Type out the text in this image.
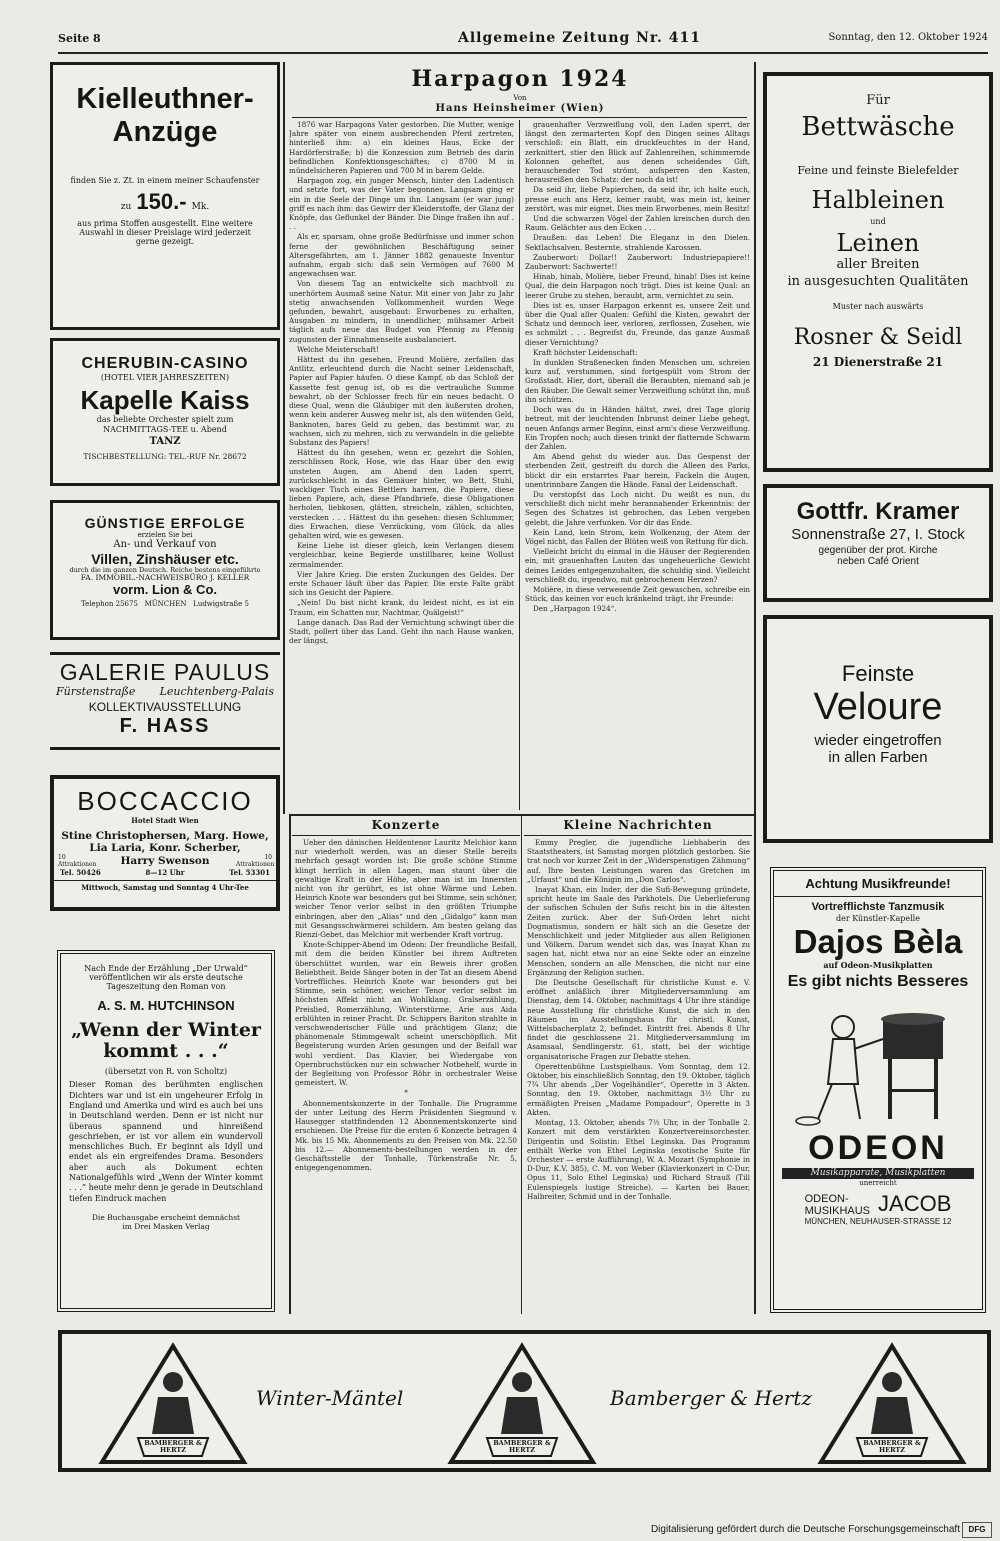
Seite 8	Allgemeine Zeitung Nr. 411	Sonntag, den 12. Oktober 1924
Kielleuthner-
Anzüge
finden Sie z. Zt. in einem meiner Schaufenster
zu 150.- Mk.
aus prima Stoffen ausgestellt. Eine weitere
Auswahl in dieser Preislage wird jederzeit
gerne gezeigt.
CHERUBIN-CASINO
(HOTEL VIER JAHRESZEITEN)
Kapelle Kaiss
das beliebte Orchester spielt zum
NACHMITTAGS-TEE u. Abend
TANZ
TISCHBESTELLUNG: TEL.-RUF Nr. 28672
GÜNSTIGE ERFOLGE
erzielen Sie bei
An- und Verkauf von
Villen, Zinshäuser etc.
durch die im ganzen Deutsch. Reiche bestens eingeführte
FA. IMMOBIL.-NACHWEISBÜRO J. KELLER
vorm. Lion & Co.
Telephon 25675 MÜNCHEN Ludwigstraße 5
GALERIE PAULUS
Fürstenstraße Leuchtenberg-Palais
KOLLEKTIVAUSSTELLUNG
F. HASS
BOCCACCIO
Hotel Stadt Wien
Stine Christophersen, Marg. Howe,
Lia Laria, Konr. Scherber,
10 Attraktionen Harry Swenson	10 Attraktionen
Tel. 50426	8—12 Uhr	Tel. 53301
Mittwoch, Samstag und Sonntag 4 Uhr-Tee
Nach Ende der Erzählung „Der Urwald“
veröffentlichen wir als erste deutsche
Tageszeitung den Roman von
A. S. M. HUTCHINSON
„Wenn der Winter
kommt . . .“
(übersetzt von R. von Scholtz)
Dieser Roman des berühmten englischen Dichters war und ist ein ungeheurer Erfolg in England und Amerika und wird es auch bei uns in Deutschland werden. Denn er ist nicht nur überaus spannend und hinreißend geschrieben, er ist vor allem ein wundervoll menschliches Buch. Er beginnt als Idyll und endet als ein ergreifendes Drama. Besonders aber auch als Dokument echten Nationalgefühls wird „Wenn der Winter kommt . . .“ heute mehr denn je gerade in Deutschland tiefen Eindruck machen
Die Buchausgabe erscheint demnächst
im Drei Masken Verlag
Harpagon 1924
Von
Hans Heinsheimer (Wien)

1876 war Harpagons Vater gestorben. Die Mutter, wenige Jahre später von einem ausbrechenden Pferd zertreten, hinterließ ihm: a) ein kleines Haus, Ecke der Hardörferstraße; b) die Konzession zum Betrieb des darin befindlichen Konfektionsgeschäftes; c) 8700 M in mündelsicheren Papieren und 700 M in barem Gelde.

Harpagon zog, ein junger Mensch, hinter den Ladentisch und setzte fort, was der Vater begonnen. Langsam ging er ein in die Seele der Dinge um ihn. Langsam (er war jung) griff es nach ihm: das Gewirr der Kleiderstoffe, der Glanz der Knöpfe, das Geflunkel der Bänder. Die Dinge fraßen ihn auf . . .

Als er, sparsam, ohne große Bedürfnisse und immer schon ferne der gewöhnlichen Beschäftigung seiner Altersgefährten, am 1. Jänner 1882 genaueste Inventur aufnahm, ergab sich: daß sein Vermögen auf 7600 M angewachsen war.

Von diesem Tag an entwickelte sich machtvoll zu unerhörtem Ausmaß seine Natur. Mit einer von Jahr zu Jahr stetig anwachsenden Vollkommenheit wurden Wege gefunden, bewahrt, ausgebaut: Erworbenes zu erhalten, Ausgaben zu mindern, in unendlicher, mühsamer Arbeit täglich aufs neue das Budget von Pfennig zu Pfennig zugunsten der Einnahmenseite ausbalanciert.

Welche Meisterschaft!

Hättest du ihn gesehen, Freund Molière, zerfallen das Antlitz, erleuchtend durch die Nacht seiner Leidenschaft, Papier auf Papier häufen. O diese Kampf, ob das Schloß der Kassette fest genug ist, ob es die vertrauliche Summe bewahrt, ob der Schlosser frech für ein neues bedacht. O diese Qual, wenn die Gläubiger mit den äußersten drohen, wenn kein anderer Ausweg mehr ist, als den wütenden Geld, Banknoten, bares Geld zu geben, das bestimmt war, zu wachsen, sich zu mehren, sich zu verwandeln in die geliebte Substanz des Papiers!

Hättest du ihn gesehen, wenn er, gezehrt die Sohlen, zerschlissen Rock, Hose, wie das Haar über den ewig unsteten Augen, am Abend den Laden sperrt, zurückschleicht in das Gemäuer hinter, wo Bett, Stuhl, wackliger Tisch eines Bettlers harren, die Papiere, diese lieben Papiere, ach, diese Pfandbriefe, diese Obligationen herholen, liebkosen, glätten, streicheln, zählen, schichten, verstecken . . . Hättest du ihn gesehen: diesen Schlummer, dies Erwachen, diese Verzückung, vom Glück, da alles gehalten wird, wie es gewesen.

Keine Liebe ist dieser gleich, kein Verlangen diesem vergleichbar, keine Begierde unstillbarer, keine Wollust zermalmender.

Vier Jahre Krieg. Die ersten Zuckungen des Geldes. Der erste Schauer läuft über das Papier. Die erste Falte gräbt sich ins Gesicht der Papiere.

„Nein! Du bist nicht krank, du leidest nicht, es ist ein Traum, ein Schatten nur, Nachtmar, Quälgeist!“

Lange danach. Das Rad der Vernichtung schwingt über die Stadt, pollert über das Land. Geht ihn nach Hause wanken, der längst,

grauenhafter Verzweiflung voll, den Laden sperrt, der längst den zermarterten Kopf den Dingen seines Alltags verschloß: ein Blatt, ein druckfeuchtes in der Hand, zerknittert, stier den Blick auf Zahlenreihen, schimmernde Kolonnen geheftet, aus denen scheidendes Gift, berauschender Tod strömt, aufsperren den Kasten, herausreißen den Schatz: der noch da ist!

Da seid ihr, liebe Papierchen, da seid ihr, ich halte euch, presse euch ans Herz, keiner raubt, was mein ist, keiner zerstört, was mir eignet. Dies mein Erworbenes, mein Besitz!

Und die schwarzen Vögel der Zahlen kreischen durch den Raum. Gelächter aus den Ecken . . .

Draußen: das Leben! Die Eleganz in den Dielen. Sektlachsalven. Besternte, strahlende Karossen.

Zauberwort: Dollar!! Zauberwort: Industriepapiere!! Zauberwort: Sachwerte!!

Hinab, hinab, Molière, lieber Freund, hinab! Dies ist keine Qual, die dein Harpagon noch trägt. Dies ist keine Qual: an leerer Grube zu stehen, beraubt, arm, vernichtet zu sein.

Dies ist es, unser Harpagon erkennt es, unsere Zeit und über die Qual aller Qualen: Gefühl die Kisten, gewahrt der Schatz und dennoch leer, verloren, zerflossen, Zusehen, wie es schmilzt . . . Begreifst du, Freunde, das ganze Ausmaß dieser Vernichtung?

Kraft höchster Leidenschaft:

In dunklen Straßenecken finden Menschen um, schreien kurz auf, verstummen, sind fortgespült vom Strom der Großstadt. Hier, dort, überall die Beraubten, niemand sah je den Räuber. Die Gewalt seiner Verzweiflung schützt ihn, muß ihn schützen.

Doch was du in Händen hältst, zwei, drei Tage glorig betreut, mit der leuchtenden Inbrunst deiner Liebe gehegt, neuen Anfangs armer Beginn, einst arm's diese Verzweiflung. Ein Tropfen noch; auch diesen trinkt der flatternde Schwarm der Zahlen.

Am Abend gehst du wieder aus. Das Gespenst der sterbenden Zeit, gestreift du durch die Alleen des Parks, blickt dir ein erstarrtes Paar herein, Fackeln die Augen, unentrinnbare Zangen die Hände. Fanal der Leidenschaft.

Du verstopfst das Loch nicht. Du weißt es nun, du verschließt dich nicht mehr herannahender Erkenntnis: der Segen des Schatzes ist gebrochen, das Leben vergeben gelebt, die Jahre verfunken. Vor dir das Ende.

Kein Land, kein Strom, kein Wolkenzug, der Atem der Vögel nicht, das Fallen der Blüten weiß von Rettung für dich.

Vielleicht bricht du einmal in die Häuser der Regierenden ein, mit grauenhaften Lauten das ungeheuerliche Gewicht deines Leides entgegenzuhalten, die schuldig sind. Vielleicht verschließt du, irgendwo, mit gebrochenem Herzen?

Molière, in diese verwesende Zeit gewaschen, schreibe ein Stück, das keinen vor euch kränkelnd trägt, ihr Freunde:

Den „Harpagon 1924“.

Für
Bettwäsche
Feine und feinste Bielefelder
Halbleinen
und
Leinen
aller Breiten
in ausgesuchten Qualitäten
Muster nach auswärts
Rosner & Seidl
21 Dienerstraße 21
Gottfr. Kramer
Sonnenstraße 27, I. Stock
gegenüber der prot. Kirche
neben Café Orient
Feinste
Veloure
wieder eingetroffen
in allen Farben
Konzerte

Ueber den dänischen Heldentenor Lauritz Melchior kann nur wiederholt werden, was an dieser Stelle bereits mehrfach gesagt worden ist: Die große schöne Stimme klingt herrlich in allen Lagen, man staunt über die gewaltige Kraft in der Höhe, aber man ist im Innersten nicht von ihr gerührt, es ist ohne Wärme und Leben. Heinrich Knote war besonders gut bei Stimme, sein schöner, weicher Tenor verlor selbst in den größten Triumphe einbringen, aber den „Alias“ und den „Gidalgo“ kann man mit Gesangsschwärmerei schildern. Am besten gelang das Rienzi-Gebet, das Melchior mit werbender Kraft vortrug.

Knote-Schipper-Abend im Odeon: Der freundliche Beifall, mit dem die beiden Künstler bei ihrem Auftreten überschüttet wurden, war ein Beweis ihrer großen Beliebtheit. Beide Sänger boten in der Tat an diesem Abend Vortreffliches. Heinrich Knote war besonders gut bei Stimme, sein schöner, weicher Tenor verlor selbst im höchsten Affekt nicht an Wohlklang. Gralserzählung, Preislied, Romerzählung, Winterstürme, Arie aus Aida erblühten in reiner Pracht. Dr. Schippers Bariton strahlte in verschwenderischer Fülle und prächtigem Glanz; die phänomenale Stimmgewalt scheint unerschöpflich. Mit Begeisterung wurden Arien gesungen und der Beifall war wohl verdient. Das Klavier, bei Wiedergabe von Opernbruchstücken nur ein schwacher Notbehelf, wurde in der Begleitung von Professor Röhr in orchestraler Weise gemeistert. W.

*

Abonnementskonzerte in der Tonhalle. Die Programme der unter Leitung des Herrn Präsidenten Siegmund v. Hausegger stattfindenden 12 Abonnementskonzerte sind erschienen. Die Preise für die ersten 6 Konzerte betragen 4 Mk. bis 15 Mk. Abonnements zu den Preisen von Mk. 22.50 bis 12.— Abonnements-bestellungen werden in der Geschäftsstelle der Tonhalle, Türkenstraße Nr. 5, entgegengenommen.

Kleine Nachrichten

Emmy Pregler, die jugendliche Liebhaberin des Staatstheaters, ist Samstag morgen plötzlich gestorben. Sie trat noch vor kurzer Zeit in der „Widerspenstigen Zähmung“ auf. Ihre besten Leistungen waren das Gretchen im „Urfaust“ und die Königin im „Don Carlos“.

Inayat Khan, ein Inder, der die Sufi-Bewegung gründete, spricht heute im Saale des Parkhotels. Die Ueberlieferung der sufischen Schulen der Sufis reicht bis in die ältesten Zeiten zurück. Aber der Sufi-Orden lehrt nicht Dogmatismus, sondern er hält sich an die Gesetze der Menschlichkeit und jeder Mitglieder aus allen Religionen und Völkern. Darum wendet sich das, was Inayat Khan zu sagen hat, nicht etwa nur an eine Sekte oder an einzelne Menschen, sondern an alle Menschen, die nicht nur eine Ergänzung der Religion suchen.

Die Deutsche Gesellschaft für christliche Kunst e. V. eröffnet anläßlich ihrer Mitgliederversammlung am Dienstag, dem 14. Oktober, nachmittags 4 Uhr ihre ständige neue Ausstellung für christliche Kunst, die sich in den Räumen im Ausstellungshaus für christl. Kunst, Wittelsbacherplatz 2, befindet. Eintritt frei. Abends 8 Uhr findet die geschlossene 21. Mitgliederversammlung im Asamsaal, Sendlingerstr. 61, statt, bei der wichtige organisatorische Fragen zur Debatte stehen.

Operettenbühne Lustspielhaus. Vom Sonntag, dem 12. Oktober, bis einschließlich Sonntag, den 19. Oktober, täglich 7¾ Uhr abends „Der Vogelhändler“, Operette in 3 Akten. Sonntag, den 19. Oktober, nachmittags 3½ Uhr zu ermäßigten Preisen „Madame Pompadour“, Operette in 3 Akten.

Montag, 13. Oktober, abends 7½ Uhr, in der Tonhalle 2. Konzert mit dem verstärkten Konzertvereinsorchester. Dirigentin und Solistin: Ethel Leginska. Das Programm enthält Werke von Ethel Leginska (exotische Suite für Orchester — erste Aufführung), W. A. Mozart (Symphonie in D-Dur, K.V. 385), C. M. von Weber (Klavierkonzert in C-Dur, Opus 11, Solo Ethel Leginska) und Richard Strauß (Till Eulenspiegels lustige Streiche). — Karten bei Bauer, Halbreiter, Schmid und in der Tonhalle.

Achtung Musikfreunde!
Vortrefflichste Tanzmusik
der Künstler-Kapelle
Dajos Bèla
auf Odeon-Musikplatten
Es gibt nichts Besseres
ODEON
Musikapparate, Musikplatten
unerreicht
ODEON-
MUSIKHAUS JACOB
MÜNCHEN, NEUHAUSER-STRASSE 12
BAMBERGER & HERTZ
Winter-Mäntel
BAMBERGER & HERTZ
Bamberger & Hertz
BAMBERGER & HERTZ
Digitalisierung gefördert durch die Deutsche Forschungsgemeinschaft	DFG
